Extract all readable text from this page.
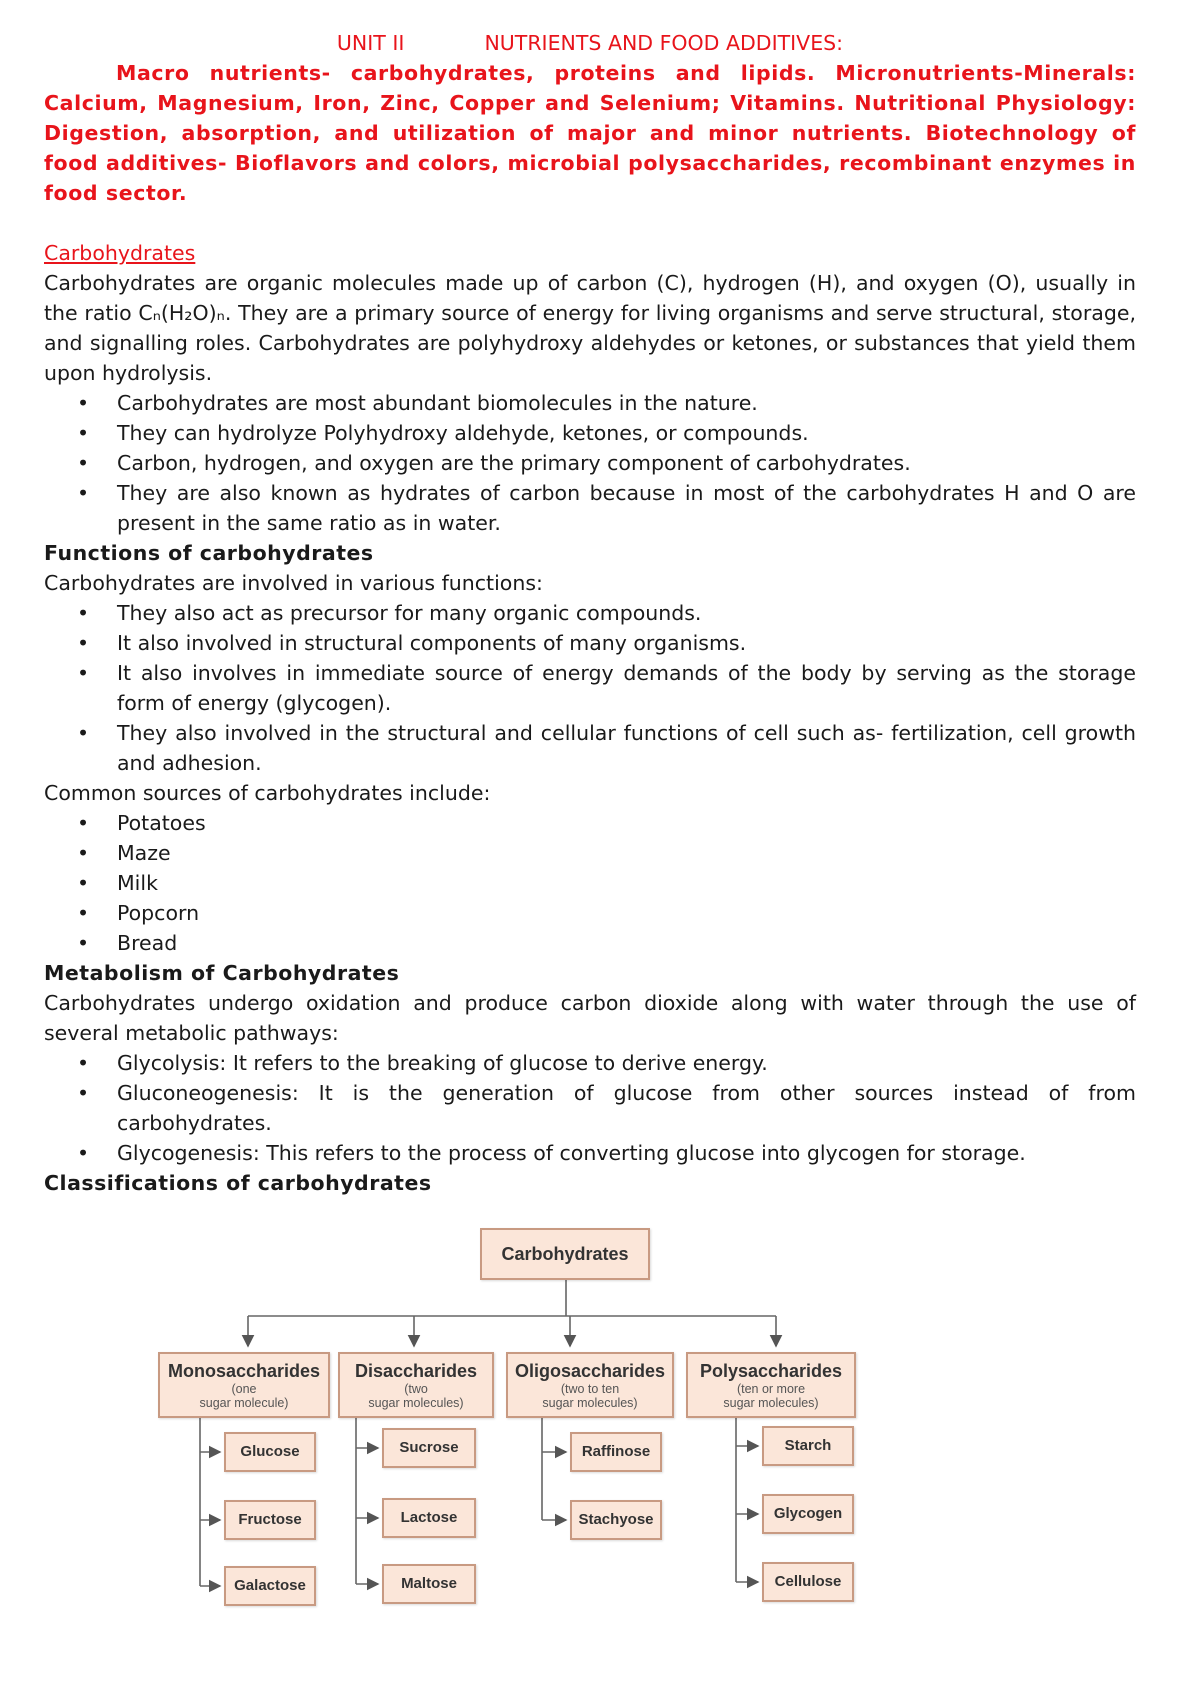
UNIT II	NUTRIENTS AND FOOD ADDITIVES:

Macro nutrients- carbohydrates, proteins and lipids. Micronutrients-Minerals: Calcium, Magnesium, Iron, Zinc, Copper and Selenium; Vitamins. Nutritional Physiology: Digestion, absorption, and utilization of major and minor nutrients. Biotechnology of food additives- Bioflavors and colors, microbial polysaccharides, recombinant enzymes in food sector.

Carbohydrates

Carbohydrates are organic molecules made up of carbon (C), hydrogen (H), and oxygen (O), usually in the ratio Cₙ(H₂O)ₙ. They are a primary source of energy for living organisms and serve structural, storage, and signalling roles. Carbohydrates are polyhydroxy aldehydes or ketones, or substances that yield them upon hydrolysis.

• Carbohydrates are most abundant biomolecules in the nature.
• They can hydrolyze Polyhydroxy aldehyde, ketones, or compounds.
• Carbon, hydrogen, and oxygen are the primary component of carbohydrates.
• They are also known as hydrates of carbon because in most of the carbohydrates H and O are present in the same ratio as in water.
Functions of carbohydrates

Carbohydrates are involved in various functions:

• They also act as precursor for many organic compounds.
• It also involved in structural components of many organisms.
• It also involves in immediate source of energy demands of the body by serving as the storage form of energy (glycogen).
• They also involved in the structural and cellular functions of cell such as- fertilization, cell growth and adhesion.

Common sources of carbohydrates include:

• Potatoes
• Maze
• Milk
• Popcorn
• Bread
Metabolism of Carbohydrates

Carbohydrates undergo oxidation and produce carbon dioxide along with water through the use of several metabolic pathways:

• Glycolysis: It refers to the breaking of glucose to derive energy.
• Gluconeogenesis: It is the generation of glucose from other sources instead of from carbohydrates.
• Glycogenesis: This refers to the process of converting glucose into glycogen for storage.
Classifications of carbohydrates
Carbohydrates
Monosaccharides
(one
sugar molecule)
Disaccharides
(two
sugar molecules)
Oligosaccharides
(two to ten
sugar molecules)
Polysaccharides
(ten or more
sugar molecules)
Glucose
Fructose
Galactose
Sucrose
Lactose
Maltose
Raffinose
Stachyose
Starch
Glycogen
Cellulose
